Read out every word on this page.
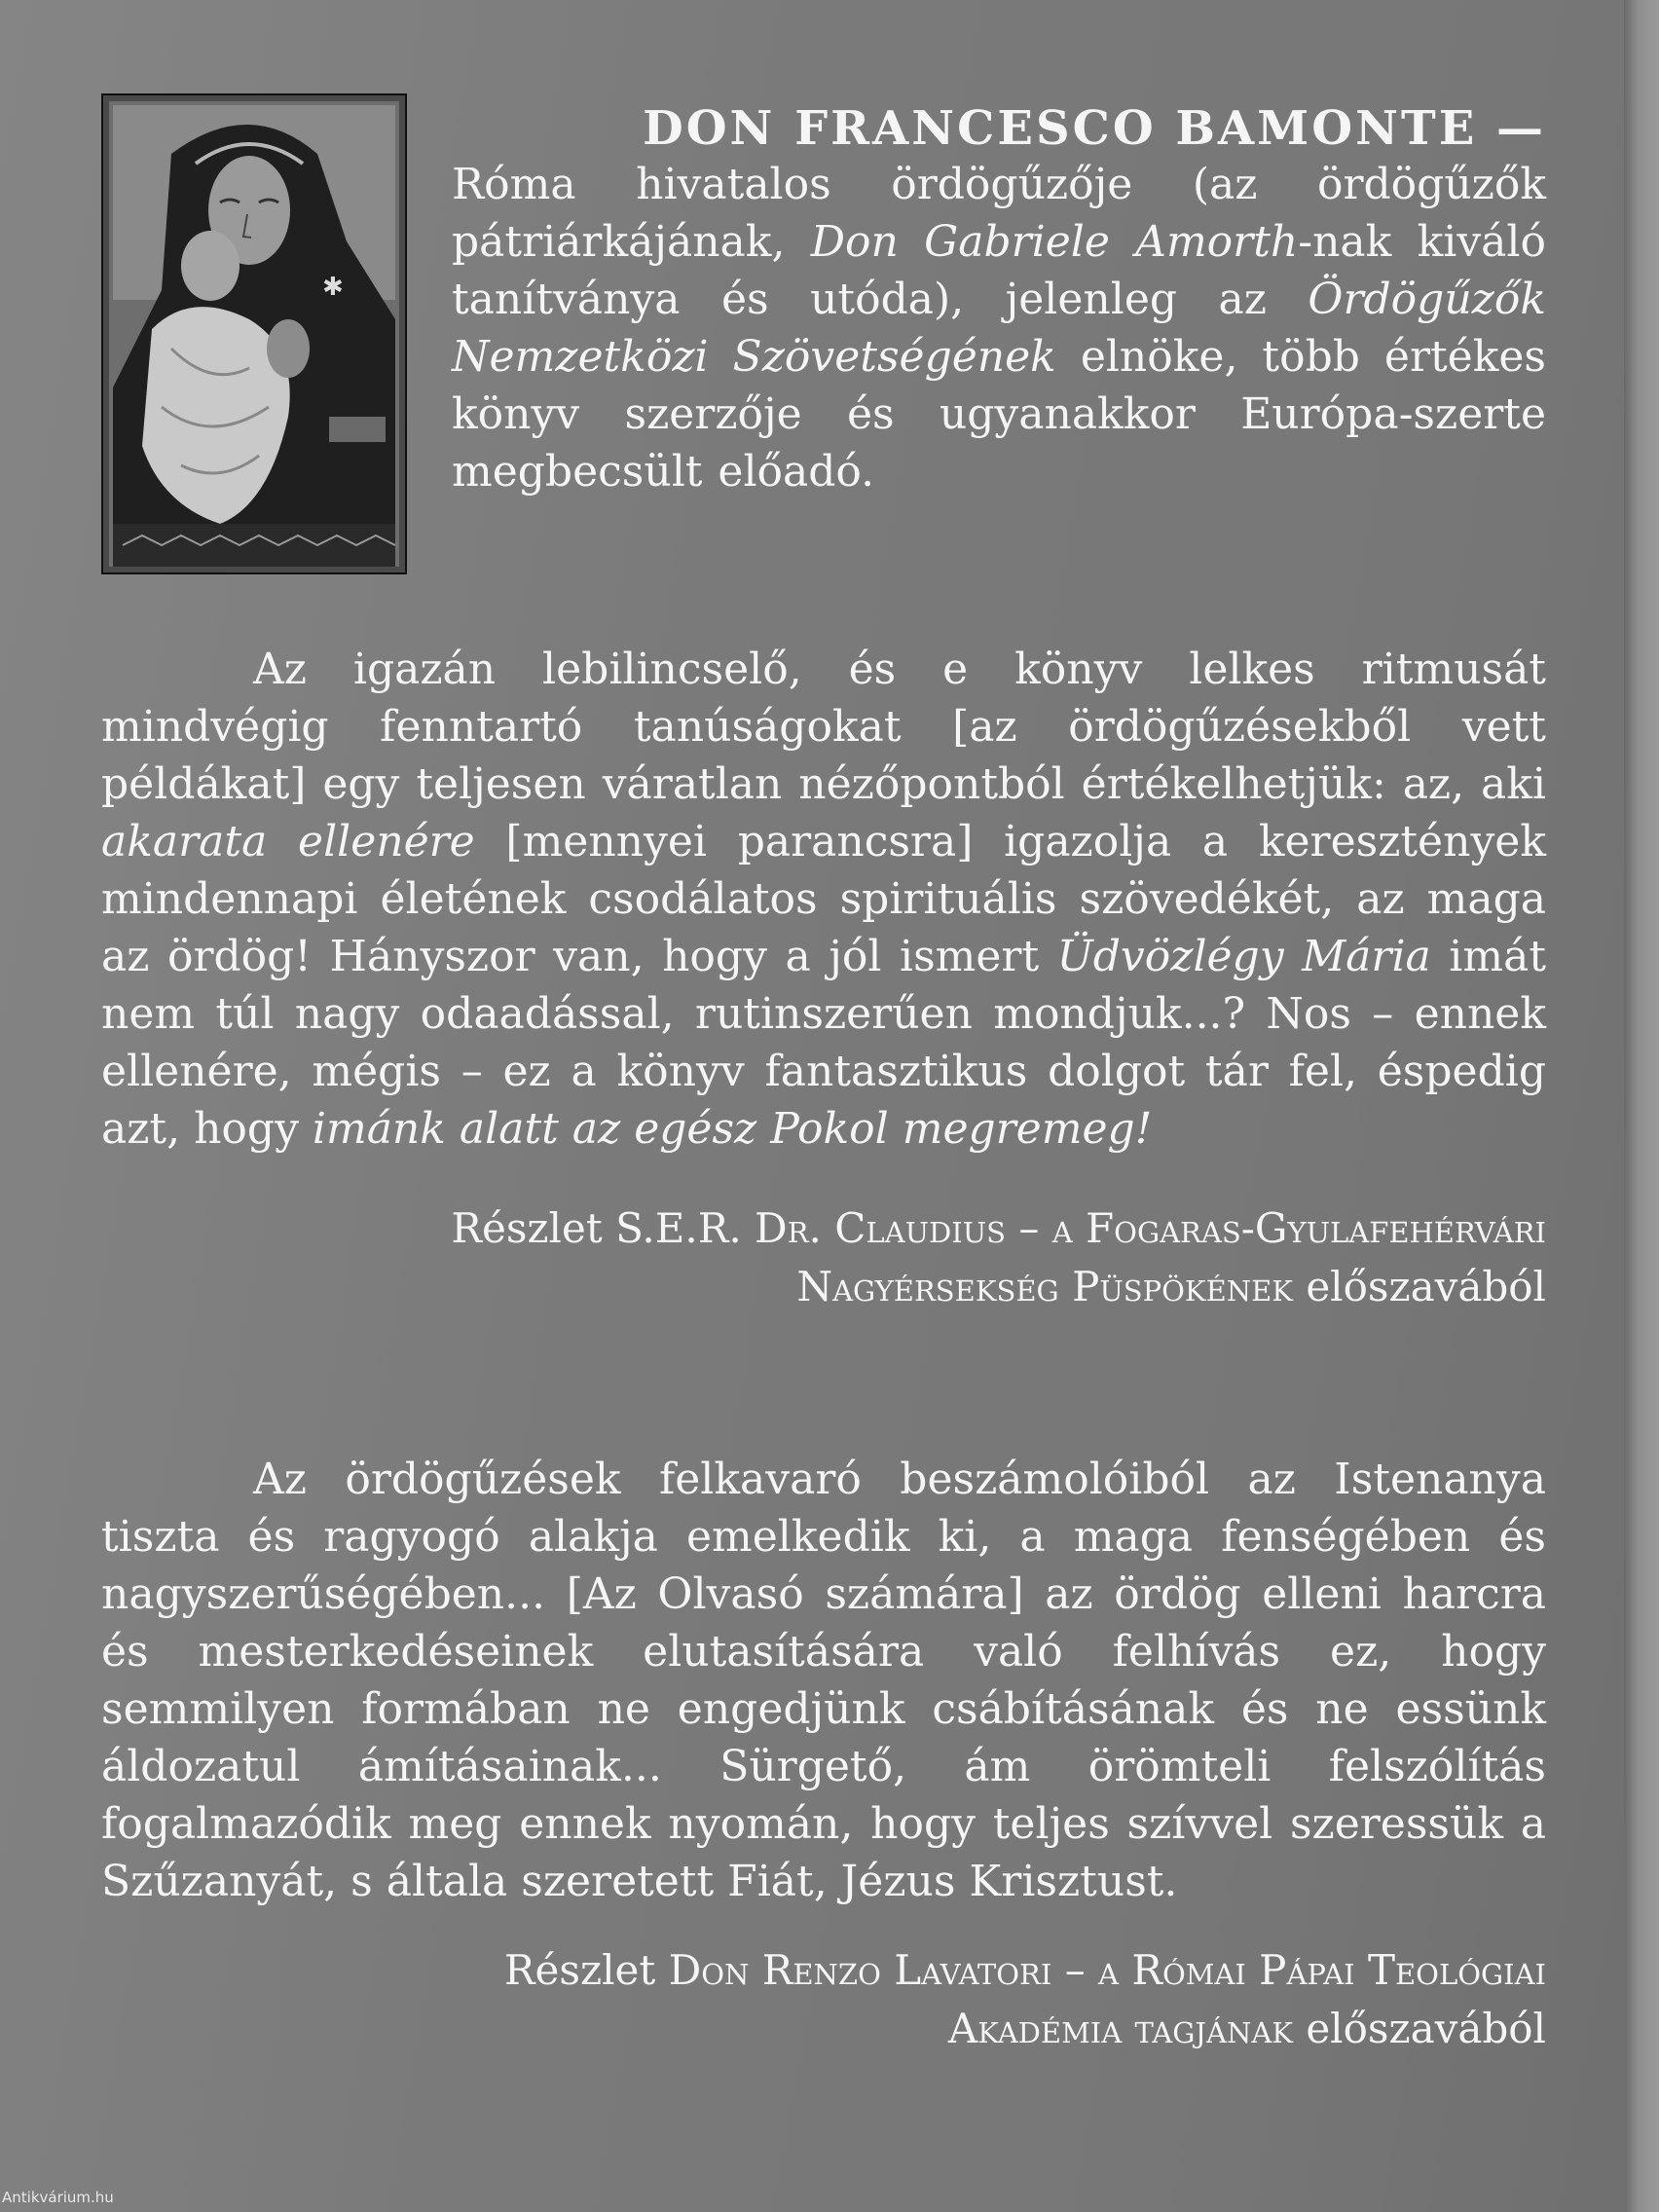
✱
DON FRANCESCO BAMONTE —
Róma hivatalos ördögűzője (az ördögűzők pátriárkájának, Don Gabriele Amorth-nak kiváló tanítványa és utóda), jelenleg az Ördögűzők Nemzetközi Szövetségének elnöke, több értékes könyv szerzője és ugyanakkor Európa-szerte megbecsült előadó.
Az igazán lebilincselő, és e könyv lelkes ritmusát mindvégig fenntartó tanúságokat [az ördögűzésekből vett példákat] egy teljesen váratlan nézőpontból értékelhetjük: az, aki akarata ellenére [mennyei parancsra] igazolja a keresztények mindennapi életének csodálatos spirituális szövedékét, az maga az ördög! Hányszor van, hogy a jól ismert Üdvözlégy Mária imát nem túl nagy odaadással, rutinszerűen mondjuk...? Nos – ennek ellenére, mégis – ez a könyv fantasztikus dolgot tár fel, éspedig azt, hogy imánk alatt az egész Pokol megremeg!
Részlet S.E.R. Dr. Claudius – a Fogaras-Gyulafehérvári
Nagyérsekség Püspökének előszavából
Az ördögűzések felkavaró beszámolóiból az Istenanya tiszta és ragyogó alakja emelkedik ki, a maga fenségében és nagyszerűségében... [Az Olvasó számára] az ördög elleni harcra és mesterkedéseinek elutasítására való felhívás ez, hogy semmilyen formában ne engedjünk csábításának és ne essünk áldozatul ámításainak... Sürgető, ám örömteli felszólítás fogalmazódik meg ennek nyomán, hogy teljes szívvel szeressük a Szűzanyát, s általa szeretett Fiát, Jézus Krisztust.
Részlet Don Renzo Lavatori – a Római Pápai Teológiai
Akadémia tagjának előszavából
Antikvárium.hu
